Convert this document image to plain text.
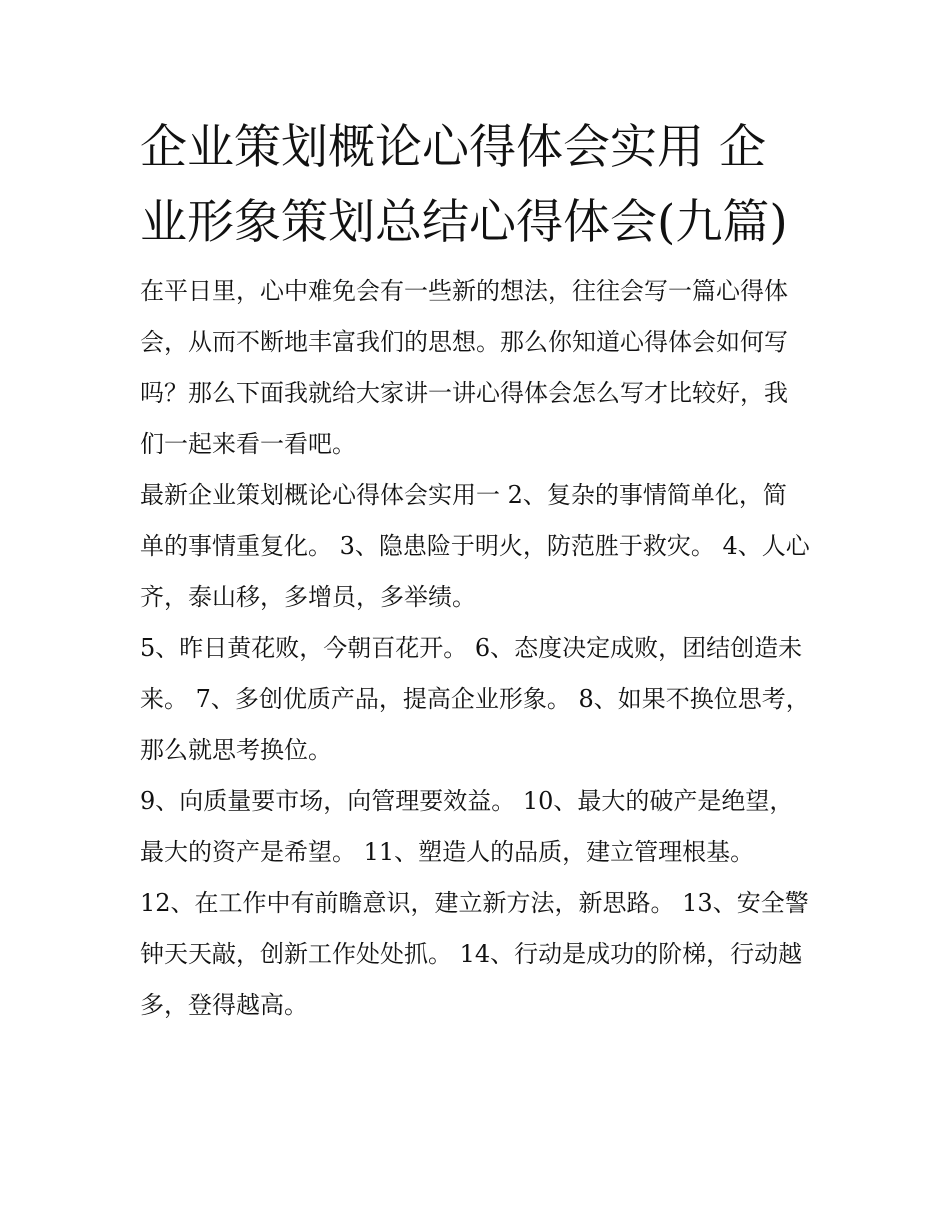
企业策划概论心得体会实用 企业形象策划总结心得体会(九篇)

在平日里，心中难免会有一些新的想法，往往会写一篇心得体会，从而不断地丰富我们的思想。那么你知道心得体会如何写吗？那么下面我就给大家讲一讲心得体会怎么写才比较好，我们一起来看一看吧。

最新企业策划概论心得体会实用一 2、复杂的事情简单化，简单的事情重复化。 3、隐患险于明火，防范胜于救灾。 4、人心齐，泰山移，多增员，多举绩。

5、昨日黄花败，今朝百花开。 6、态度决定成败，团结创造未来。 7、多创优质产品，提高企业形象。 8、如果不换位思考，那么就思考换位。

9、向质量要市场，向管理要效益。 10、最大的破产是绝望，最大的资产是希望。 11、塑造人的品质，建立管理根基。

12、在工作中有前瞻意识，建立新方法，新思路。 13、安全警钟天天敲，创新工作处处抓。 14、行动是成功的阶梯，行动越多，登得越高。
